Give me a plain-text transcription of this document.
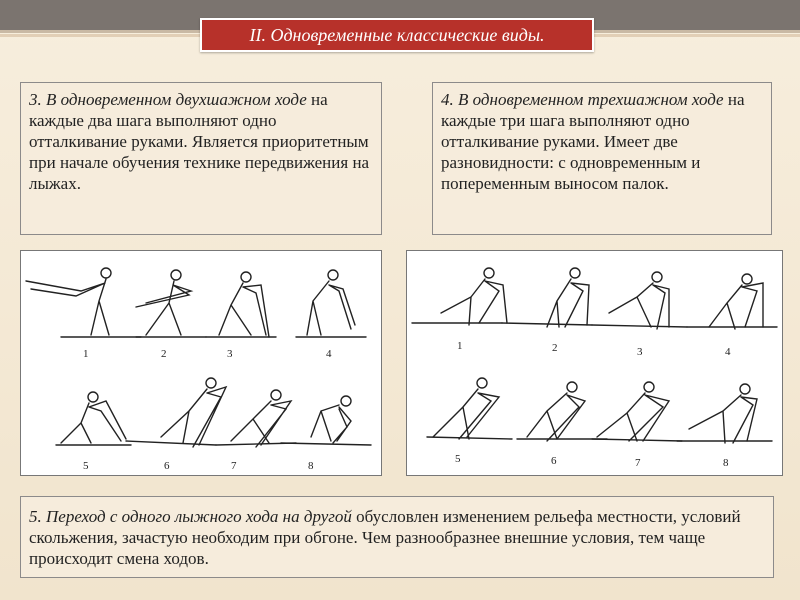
II. Одновременные классические виды.
3. В одновременном двухшажном ходе на каждые два шага выполняют одно отталкивание руками. Является приоритетным при начале обучения технике передвижения на лыжах.
4. В одновременном трехшажном ходе на каждые три шага выполняют одно отталкивание руками. Имеет две разновидности: с одновременным и попеременным выносом палок.
1	2	3	4
5	6	7	8
1	2	3	4
5	6	7	8
5. Переход с одного лыжного хода на другой обусловлен изменением рельефа местности, условий скольжения, зачастую необходим при обгоне. Чем разнообразнее внешние условия, тем чаще происходит смена ходов.
